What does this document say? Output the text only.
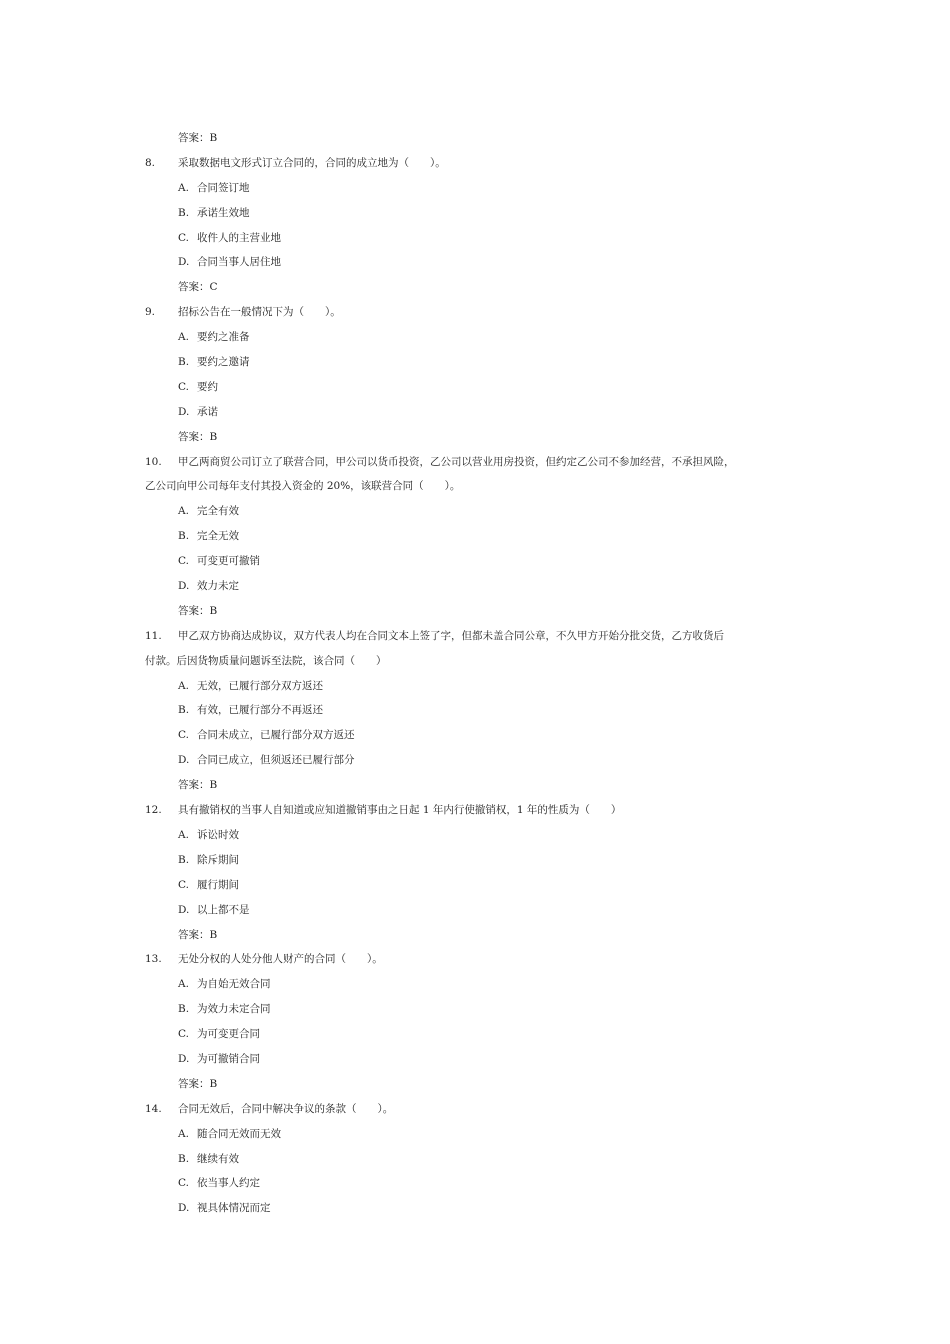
答案：B
8. 采取数据电文形式订立合同的，合同的成立地为（　　）。
A. 合同签订地
B. 承诺生效地
C. 收件人的主营业地
D. 合同当事人居住地
答案：C
9. 招标公告在一般情况下为（　　）。
A. 要约之准备
B. 要约之邀请
C. 要约
D. 承诺
答案：B
10. 甲乙两商贸公司订立了联营合同，甲公司以货币投资，乙公司以营业用房投资，但约定乙公司不参加经营，不承担风险，
乙公司向甲公司每年支付其投入资金的 20%，该联营合同（　　）。
A. 完全有效
B. 完全无效
C. 可变更可撤销
D. 效力未定
答案：B
11. 甲乙双方协商达成协议，双方代表人均在合同文本上签了字，但都未盖合同公章，不久甲方开始分批交货，乙方收货后
付款。后因货物质量问题诉至法院，该合同（　　）
A. 无效，已履行部分双方返还
B. 有效，已履行部分不再返还
C. 合同未成立，已履行部分双方返还
D. 合同已成立，但须返还已履行部分
答案：B
12. 具有撤销权的当事人自知道或应知道撤销事由之日起 1 年内行使撤销权，1 年的性质为（　　）
A. 诉讼时效
B. 除斥期间
C. 履行期间
D. 以上都不是
答案：B
13. 无处分权的人处分他人财产的合同（　　）。
A. 为自始无效合同
B. 为效力未定合同
C. 为可变更合同
D. 为可撤销合同
答案：B
14. 合同无效后，合同中解决争议的条款（　　）。
A. 随合同无效而无效
B. 继续有效
C. 依当事人约定
D. 视具体情况而定
